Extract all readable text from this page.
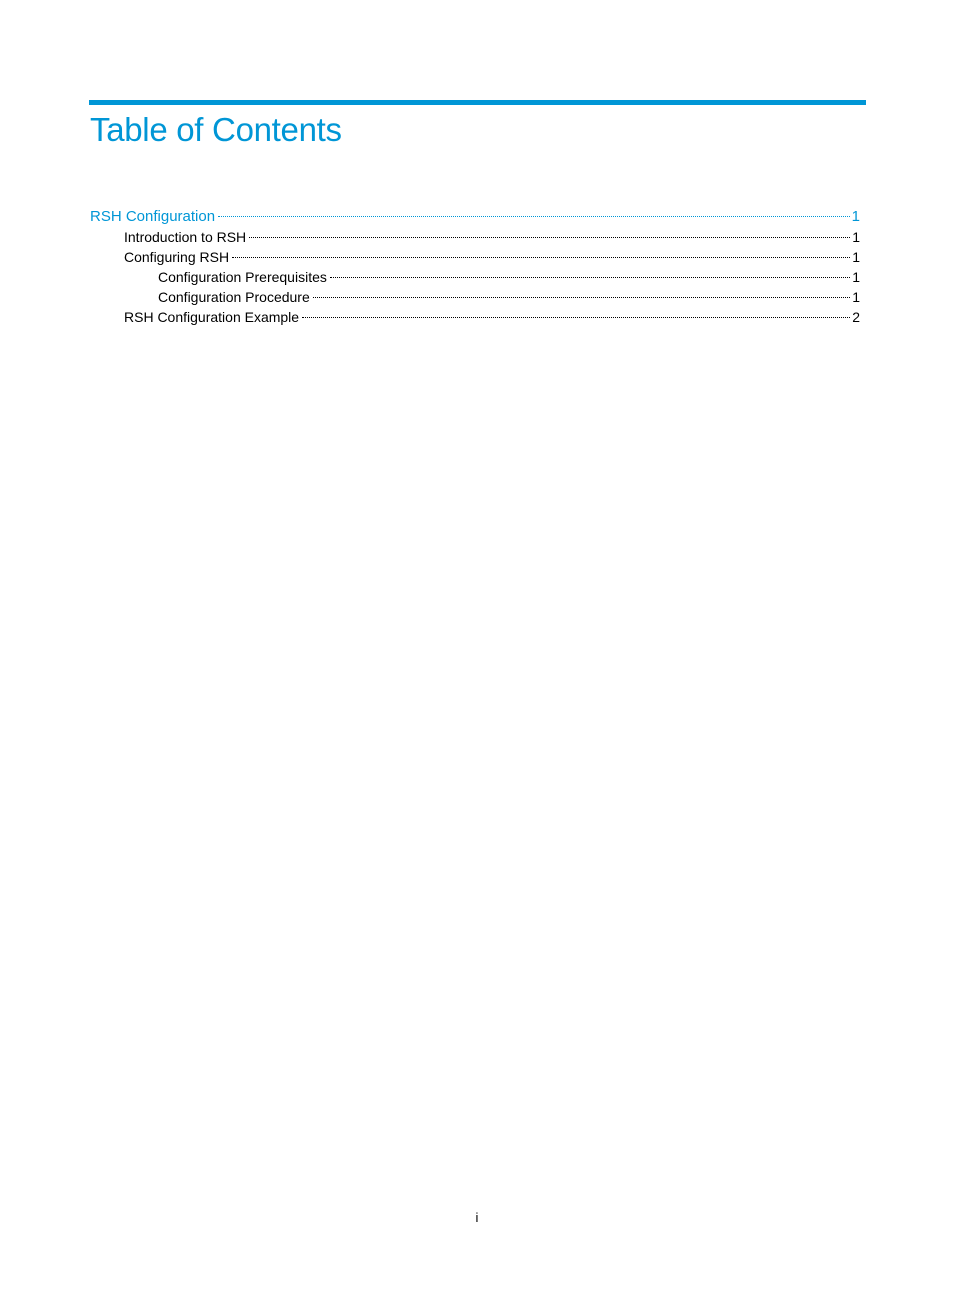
Table of Contents
RSH Configuration	1
Introduction to RSH	1
Configuring RSH	1
Configuration Prerequisites	1
Configuration Procedure	1
RSH Configuration Example	2
i
